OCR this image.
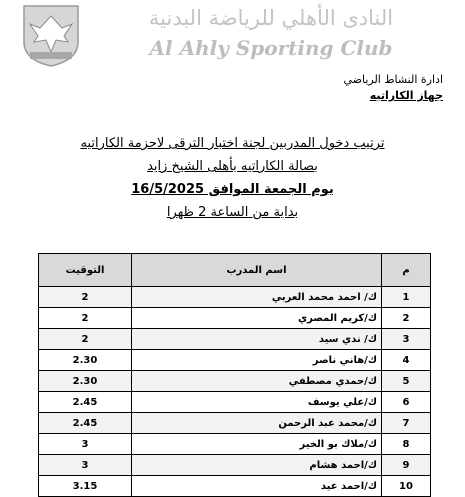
النادى الأهلي للرياضة البدنية
Al Ahly Sporting Club
ادارة النشاط الرياضي
جهاز الكاراتيه
ترتيب دخول المدربين لجنة اختبار الترقى لاحزمة الكاراتيه
بصالة الكاراتيه بأهلى الشيخ زايد
يوم الجمعة الموافق 16/5/2025
بداية من الساعة 2 ظهرا
م	اسم المدرب	التوقيت
1	ك/ احمد محمد العربي	2
2	ك/كريم المصري	2
3	ك/ ندي سيد	2
4	ك/هاني ناصر	2.30
5	ك/حمدي مصطفي	2.30
6	ك/علي يوسف	2.45
7	ك/محمد عبد الرحمن	2.45
8	ك/ملاك بو الخير	3
9	ك/احمد هشام	3
10	ك/احمد عيد	3.15
